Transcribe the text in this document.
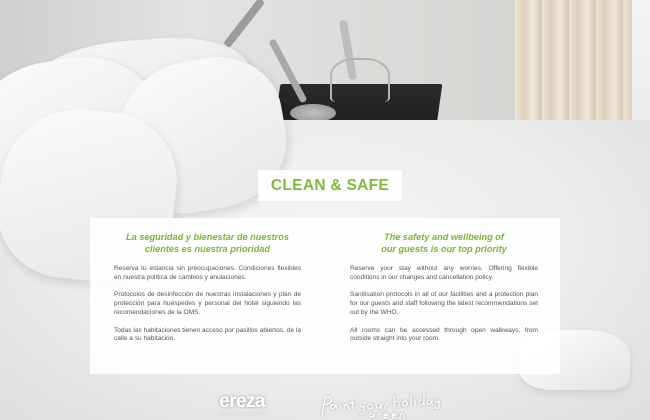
CLEAN & SAFE
La seguridad y bienestar de nuestros
clientes es nuestra prioridad

Reserva tu estancia sin preocupaciones. Condiciones flexibles en nuestra política de cambios y anulaciones.

Protocolos de desinfección de nuestras instalaciones y plan de protección para huéspedes y personal del hotel siguiendo las recomendaciones de la OMS.

Todas las habitaciones tienen acceso por pasillos abiertos, de la calle a su habitación.

The safety and wellbeing of
our guests is our top priority

Reserve your stay without any worries. Offering flexible conditions in our changes and cancellation policy.

Sanitisation protocols in all of our facilities and a protection plan for our guests and staff following the latest recommendations set out by the WHO.

All rooms can be accessed through open walkways, from outside straight into your room.

ereza
HOTELS & RESORTS
